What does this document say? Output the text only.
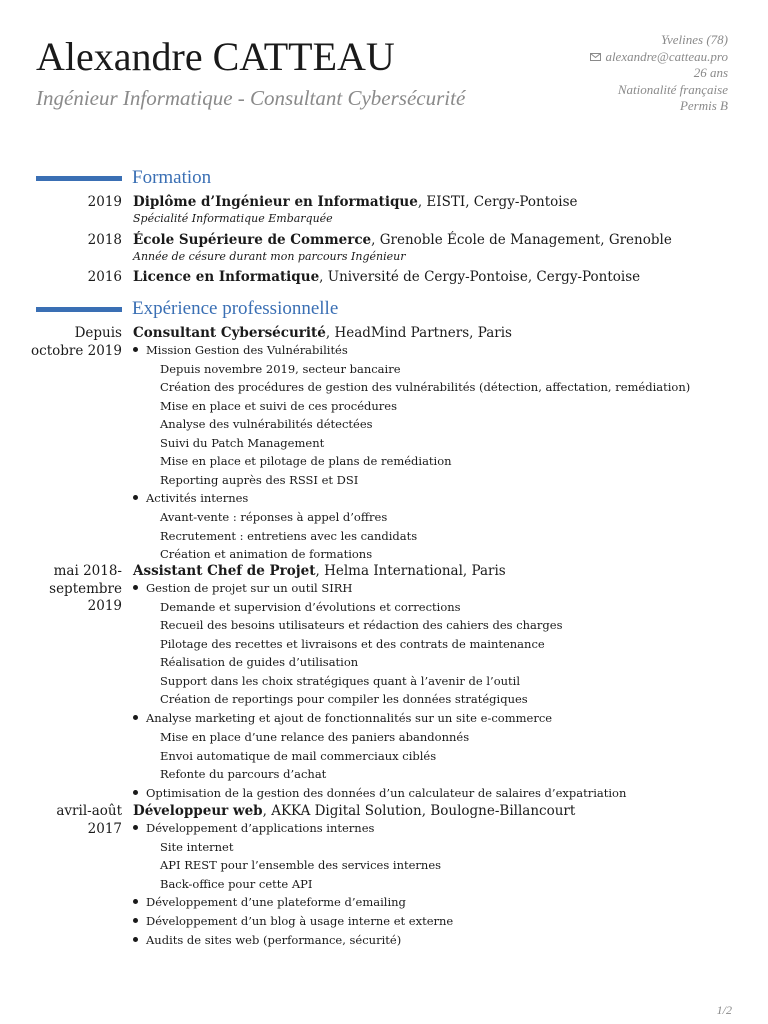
Alexandre CATTEAU
Ingénieur Informatique - Consultant Cybersécurité
Yvelines (78)
alexandre@catteau.pro
26 ans
Nationalité française
Permis B
Formation
2019 Diplôme d’Ingénieur en Informatique, EISTI, Cergy-Pontoise
Spécialité Informatique Embarquée
2018 École Supérieure de Commerce, Grenoble École de Management, Grenoble
Année de césure durant mon parcours Ingénieur
2016 Licence en Informatique, Université de Cergy-Pontoise, Cergy-Pontoise
Expérience professionnelle
Depuis
octobre 2019
Consultant Cybersécurité, HeadMind Partners, Paris
Mission Gestion des Vulnérabilités
Depuis novembre 2019, secteur bancaire
Création des procédures de gestion des vulnérabilités (détection, affectation, remédiation)
Mise en place et suivi de ces procédures
Analyse des vulnérabilités détectées
Suivi du Patch Management
Mise en place et pilotage de plans de remédiation
Reporting auprès des RSSI et DSI
Activités internes
Avant-vente : réponses à appel d’offres
Recrutement : entretiens avec les candidats
Création et animation de formations
mai 2018-
septembre
2019
Assistant Chef de Projet, Helma International, Paris
Gestion de projet sur un outil SIRH
Demande et supervision d’évolutions et corrections
Recueil des besoins utilisateurs et rédaction des cahiers des charges
Pilotage des recettes et livraisons et des contrats de maintenance
Réalisation de guides d’utilisation
Support dans les choix stratégiques quant à l’avenir de l’outil
Création de reportings pour compiler les données stratégiques
Analyse marketing et ajout de fonctionnalités sur un site e-commerce
Mise en place d’une relance des paniers abandonnés
Envoi automatique de mail commerciaux ciblés
Refonte du parcours d’achat
Optimisation de la gestion des données d’un calculateur de salaires d’expatriation
avril-août
2017
Développeur web, AKKA Digital Solution, Boulogne-Billancourt
Développement d’applications internes
Site internet
API REST pour l’ensemble des services internes
Back-office pour cette API
Développement d’une plateforme d’emailing
Développement d’un blog à usage interne et externe
Audits de sites web (performance, sécurité)
1/2
